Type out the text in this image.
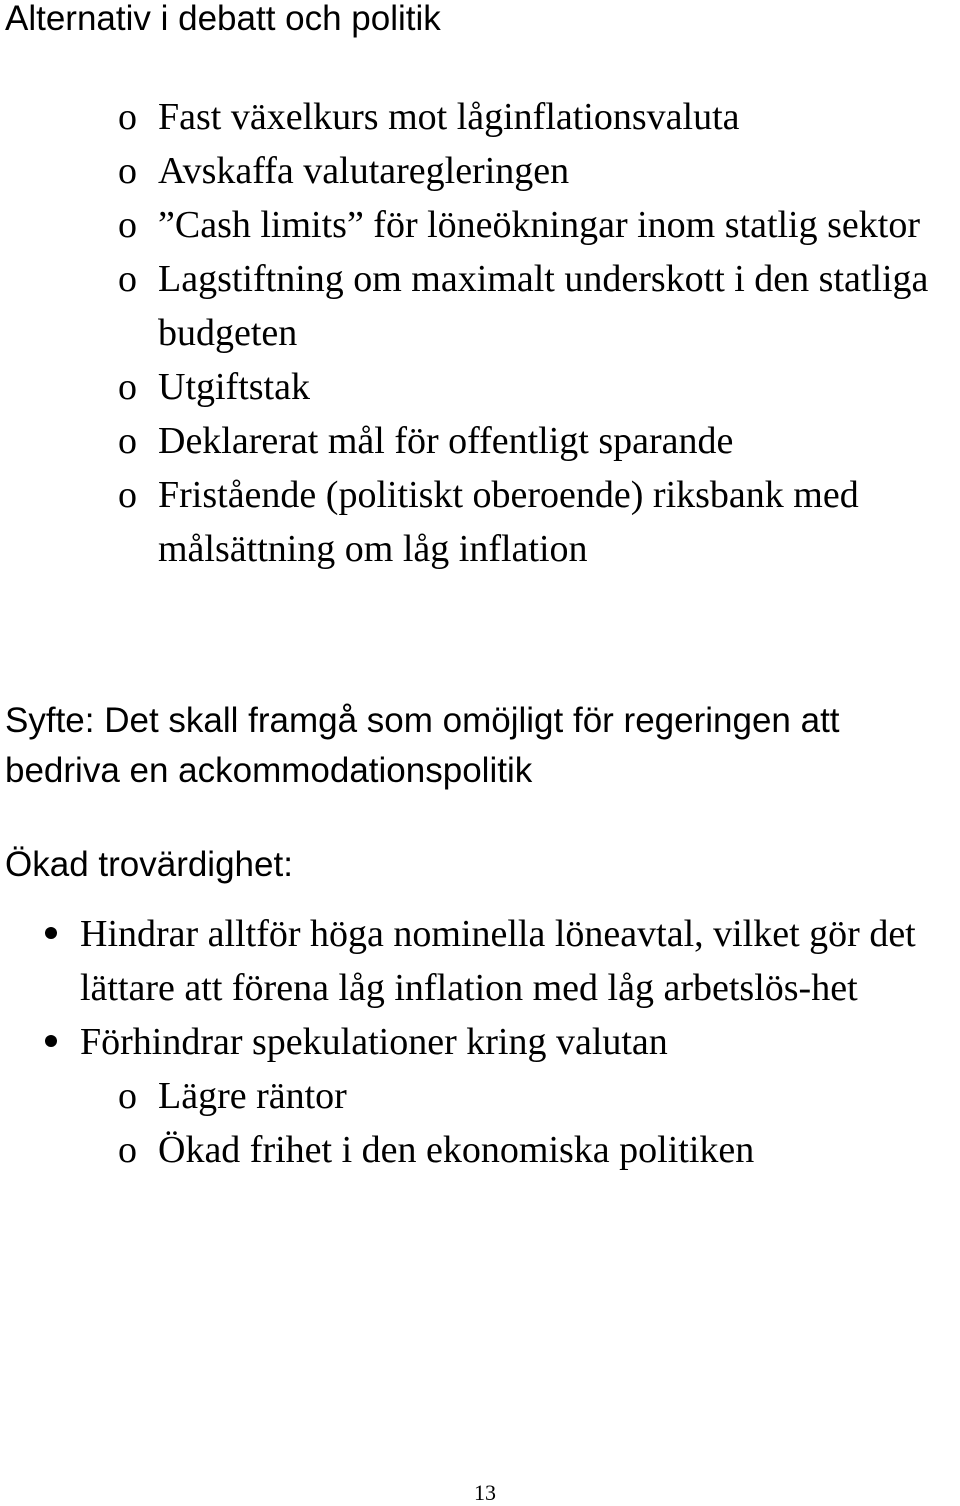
Alternativ i debatt och politik
o Fast växelkurs mot låginflationsvaluta
o Avskaffa valutaregleringen
o ”Cash limits” för löneökningar inom statlig sektor
o Lagstiftning om maximalt underskott i den statliga budgeten
o Utgiftstak
o Deklarerat mål för offentligt sparande
o Fristående (politiskt oberoende) riksbank med målsättning om låg inflation

Syfte: Det skall framgå som omöjligt för regeringen att bedriva en ackommodationspolitik

Ökad trovärdighet:

Hindrar alltför höga nominella löneavtal, vilket gör det lättare att förena låg inflation med låg arbetslös-het
Förhindrar spekulationer kring valutan
o Lägre räntor
o Ökad frihet i den ekonomiska politiken
13
